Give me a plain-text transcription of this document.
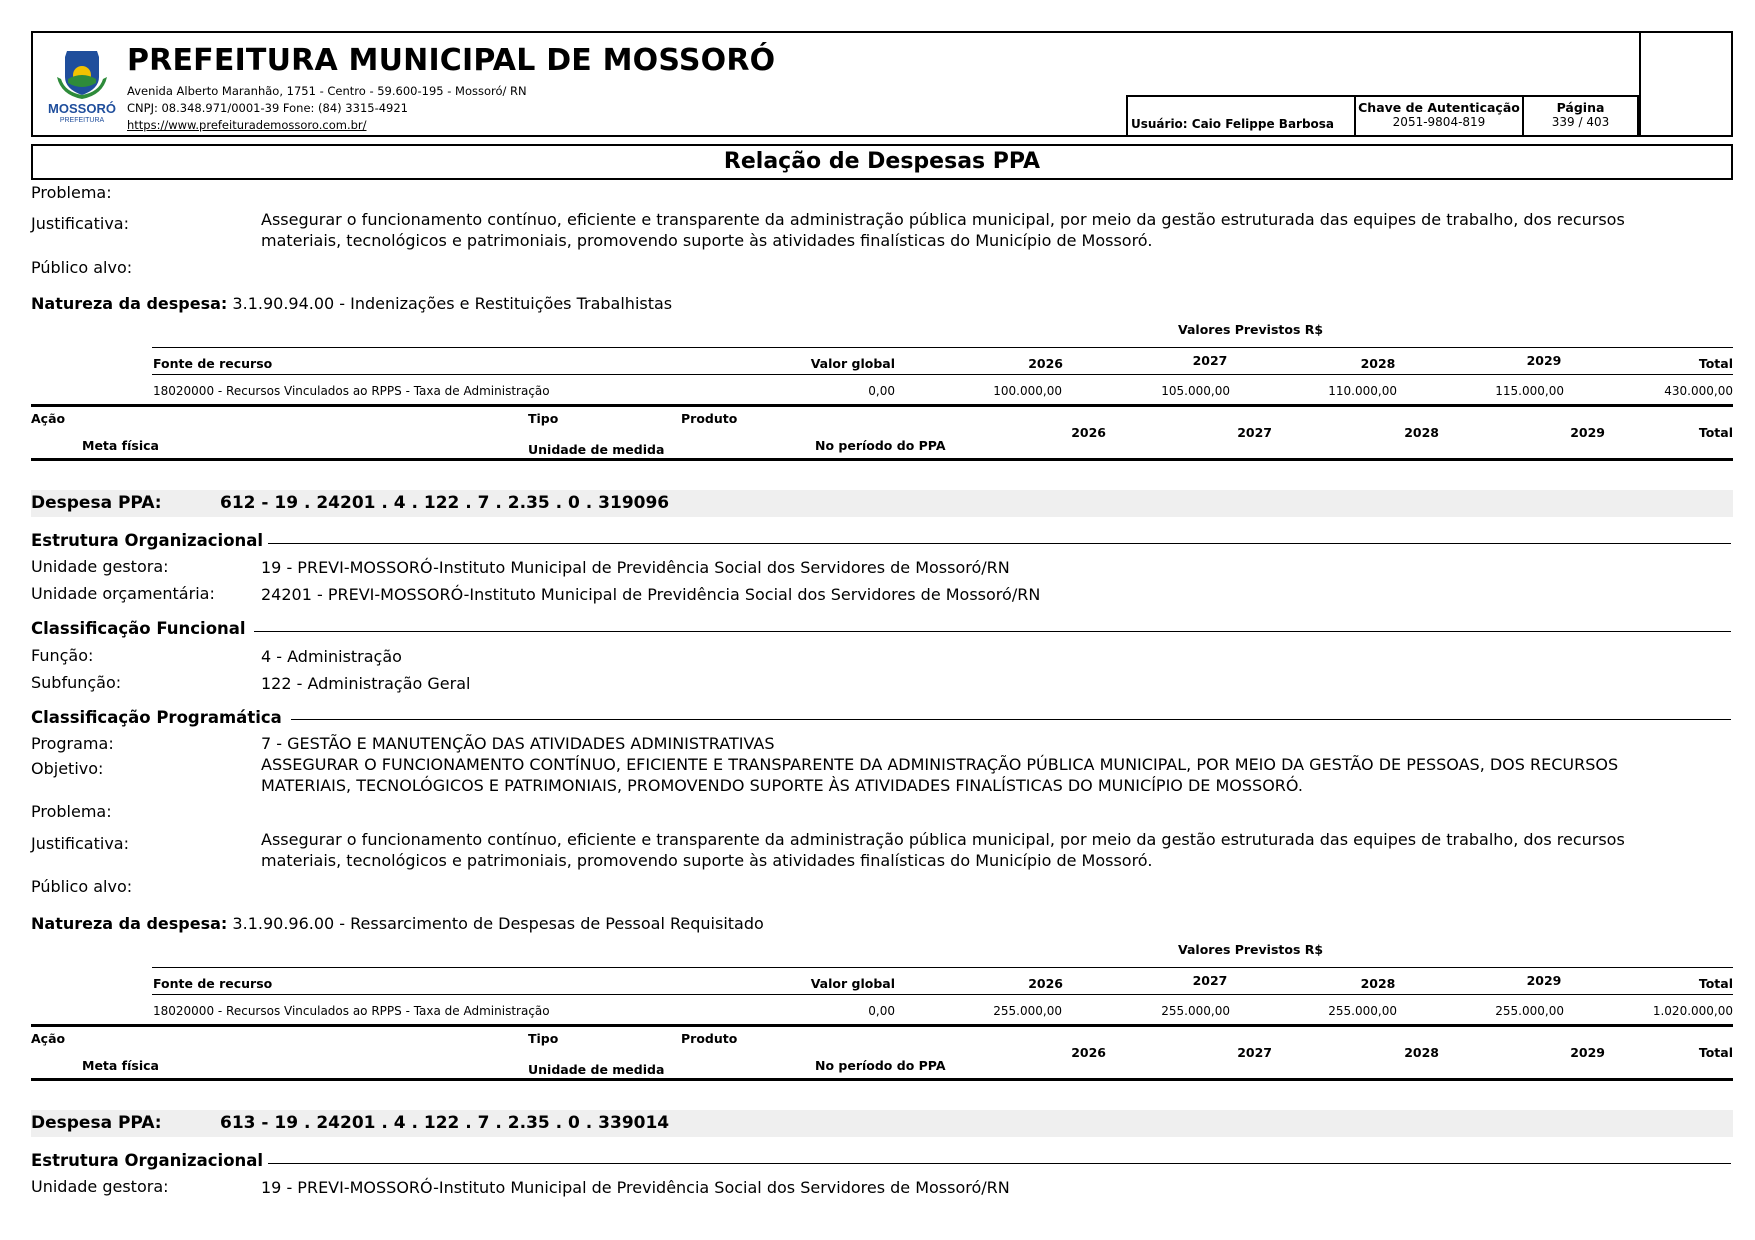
MOSSORÓ
PREFEITURA
PREFEITURA MUNICIPAL DE MOSSORÓ
Avenida Alberto Maranhão, 1751 - Centro - 59.600-195 - Mossoró/ RN
CNPJ: 08.348.971/0001-39 Fone: (84) 3315-4921
https://www.prefeiturademossoro.com.br/	Usuário: Caio Felippe Barbosa
Chave de Autenticação
2051-9804-819
Página
339 / 403
Relação de Despesas PPA
Problema:
Justificativa:	Assegurar o funcionamento contínuo, eficiente e transparente da administração pública municipal, por meio da gestão estruturada das equipes de trabalho, dos recursos materiais, tecnológicos e patrimoniais, promovendo suporte às atividades finalísticas do Município de Mossoró.
Público alvo:
Natureza da despesa: 3.1.90.94.00 - Indenizações e Restituições Trabalhistas
Valores Previstos R$
Fonte de recurso	Valor global	2026	2027	2028	2029	Total
18020000 - Recursos Vinculados ao RPPS - Taxa de Administração	0,00	100.000,00	105.000,00	110.000,00	115.000,00	430.000,00
Ação
Meta física
Tipo
Unidade de medida
Produto
No período do PPA
2026	2027	2028	2029	Total
Despesa PPA:	612 - 19 . 24201 . 4 . 122 . 7 . 2.35 . 0 . 319096
Estrutura Organizacional
Unidade gestora:	19 - PREVI-MOSSORÓ-Instituto Municipal de Previdência Social dos Servidores de Mossoró/RN
Unidade orçamentária:	24201 - PREVI-MOSSORÓ-Instituto Municipal de Previdência Social dos Servidores de Mossoró/RN
Classificação Funcional
Função:	4 - Administração
Subfunção:	122 - Administração Geral
Classificação Programática
Programa:	7 - GESTÃO E MANUTENÇÃO DAS ATIVIDADES ADMINISTRATIVAS
Objetivo:	ASSEGURAR O FUNCIONAMENTO CONTÍNUO, EFICIENTE E TRANSPARENTE DA ADMINISTRAÇÃO PÚBLICA MUNICIPAL, POR MEIO DA GESTÃO DE PESSOAS, DOS RECURSOS MATERIAIS, TECNOLÓGICOS E PATRIMONIAIS, PROMOVENDO SUPORTE ÀS ATIVIDADES FINALÍSTICAS DO MUNICÍPIO DE MOSSORÓ.
Problema:
Justificativa:	Assegurar o funcionamento contínuo, eficiente e transparente da administração pública municipal, por meio da gestão estruturada das equipes de trabalho, dos recursos materiais, tecnológicos e patrimoniais, promovendo suporte às atividades finalísticas do Município de Mossoró.
Público alvo:
Natureza da despesa: 3.1.90.96.00 - Ressarcimento de Despesas de Pessoal Requisitado
Valores Previstos R$
Fonte de recurso	Valor global	2026	2027	2028	2029	Total
18020000 - Recursos Vinculados ao RPPS - Taxa de Administração	0,00	255.000,00	255.000,00	255.000,00	255.000,00	1.020.000,00
Ação
Meta física
Tipo
Unidade de medida
Produto
No período do PPA
2026	2027	2028	2029	Total
Despesa PPA:	613 - 19 . 24201 . 4 . 122 . 7 . 2.35 . 0 . 339014
Estrutura Organizacional
Unidade gestora:	19 - PREVI-MOSSORÓ-Instituto Municipal de Previdência Social dos Servidores de Mossoró/RN
